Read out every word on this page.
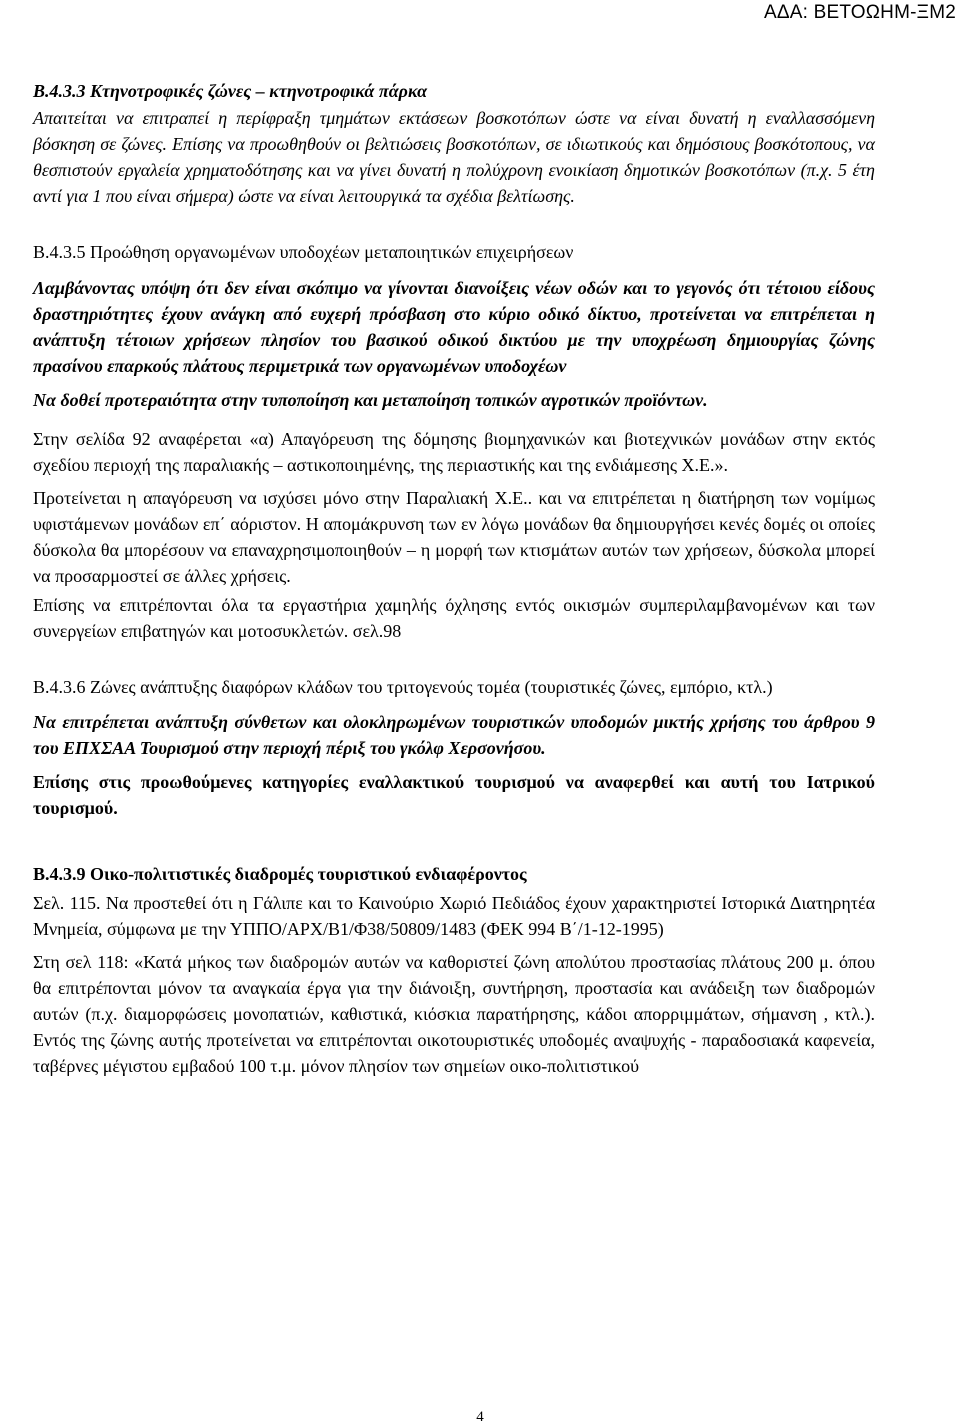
ΑΔΑ: ΒΕΤΟΩΗΜ-ΞΜ2

Β.4.3.3 Κτηνοτροφικές ζώνες – κτηνοτροφικά πάρκα

Απαιτείται να επιτραπεί η περίφραξη τμημάτων εκτάσεων βοσκοτόπων ώστε να είναι δυνατή η εναλλασσόμενη βόσκηση σε ζώνες. Επίσης να προωθηθούν οι βελτιώσεις βοσκοτόπων, σε ιδιωτικούς και δημόσιους βοσκότοπους, να θεσπιστούν εργαλεία χρηματοδότησης και να γίνει δυνατή η πολύχρονη ενοικίαση δημοτικών βοσκοτόπων (π.χ. 5 έτη αντί για 1 που είναι σήμερα) ώστε να είναι λειτουργικά τα σχέδια βελτίωσης.

Β.4.3.5 Προώθηση οργανωμένων υποδοχέων μεταποιητικών επιχειρήσεων

Λαμβάνοντας υπόψη ότι δεν είναι σκόπιμο να γίνονται διανοίξεις νέων οδών και το γεγονός ότι τέτοιου είδους δραστηριότητες έχουν ανάγκη από ευχερή πρόσβαση στο κύριο οδικό δίκτυο, προτείνεται να επιτρέπεται η ανάπτυξη τέτοιων χρήσεων πλησίον του βασικού οδικού δικτύου με την υποχρέωση δημιουργίας ζώνης πρασίνου επαρκούς πλάτους περιμετρικά των οργανωμένων υποδοχέων

Να δοθεί προτεραιότητα στην τυποποίηση και μεταποίηση τοπικών αγροτικών προϊόντων.

Στην σελίδα 92 αναφέρεται «α) Απαγόρευση της δόμησης βιομηχανικών και βιοτεχνικών μονάδων στην εκτός σχεδίου περιοχή της παραλιακής – αστικοποιημένης, της περιαστικής και της ενδιάμεσης Χ.Ε.».

Προτείνεται η απαγόρευση να ισχύσει μόνο στην Παραλιακή Χ.Ε.. και να επιτρέπεται η διατήρηση των νομίμως υφιστάμενων μονάδων επ΄ αόριστον. Η απομάκρυνση των εν λόγω μονάδων θα δημιουργήσει κενές δομές οι οποίες δύσκολα θα μπορέσουν να επαναχρησιμοποιηθούν – η μορφή των κτισμάτων αυτών των χρήσεων, δύσκολα μπορεί να προσαρμοστεί σε άλλες χρήσεις.

Επίσης να επιτρέπονται όλα τα εργαστήρια χαμηλής όχλησης εντός οικισμών συμπεριλαμβανομένων και των συνεργείων επιβατηγών και μοτοσυκλετών. σελ.98

Β.4.3.6 Ζώνες ανάπτυξης διαφόρων κλάδων του τριτογενούς τομέα (τουριστικές ζώνες, εμπόριο, κτλ.)

Να επιτρέπεται ανάπτυξη σύνθετων και ολοκληρωμένων τουριστικών υποδομών μικτής χρήσης του άρθρου 9 του ΕΠΧΣΑΑ Τουρισμού στην περιοχή πέριξ του γκόλφ Χερσονήσου.

Επίσης στις προωθούμενες κατηγορίες εναλλακτικού τουρισμού να αναφερθεί και αυτή του Ιατρικού τουρισμού.

Β.4.3.9 Οικο-πολιτιστικές διαδρομές τουριστικού ενδιαφέροντος

Σελ. 115. Να προστεθεί ότι η Γάλιπε και το Καινούριο Χωριό Πεδιάδος έχουν χαρακτηριστεί Ιστορικά Διατηρητέα Μνημεία, σύμφωνα με την ΥΠΠΟ/ΑΡΧ/Β1/Φ38/50809/1483 (ΦΕΚ 994 Β΄/1-12-1995)

Στη σελ 118: «Κατά μήκος των διαδρομών αυτών να καθοριστεί ζώνη απολύτου προστασίας πλάτους 200 μ. όπου θα επιτρέπονται μόνον τα αναγκαία έργα για την διάνοιξη, συντήρηση, προστασία και ανάδειξη των διαδρομών αυτών (π.χ. διαμορφώσεις μονοπατιών, καθιστικά, κιόσκια παρατήρησης, κάδοι απορριμμάτων, σήμανση , κτλ.). Εντός της ζώνης αυτής προτείνεται να επιτρέπονται οικοτουριστικές υποδομές αναψυχής - παραδοσιακά καφενεία, ταβέρνες μέγιστου εμβαδού 100 τ.μ. μόνον πλησίον των σημείων οικο-πολιτιστικού

4
